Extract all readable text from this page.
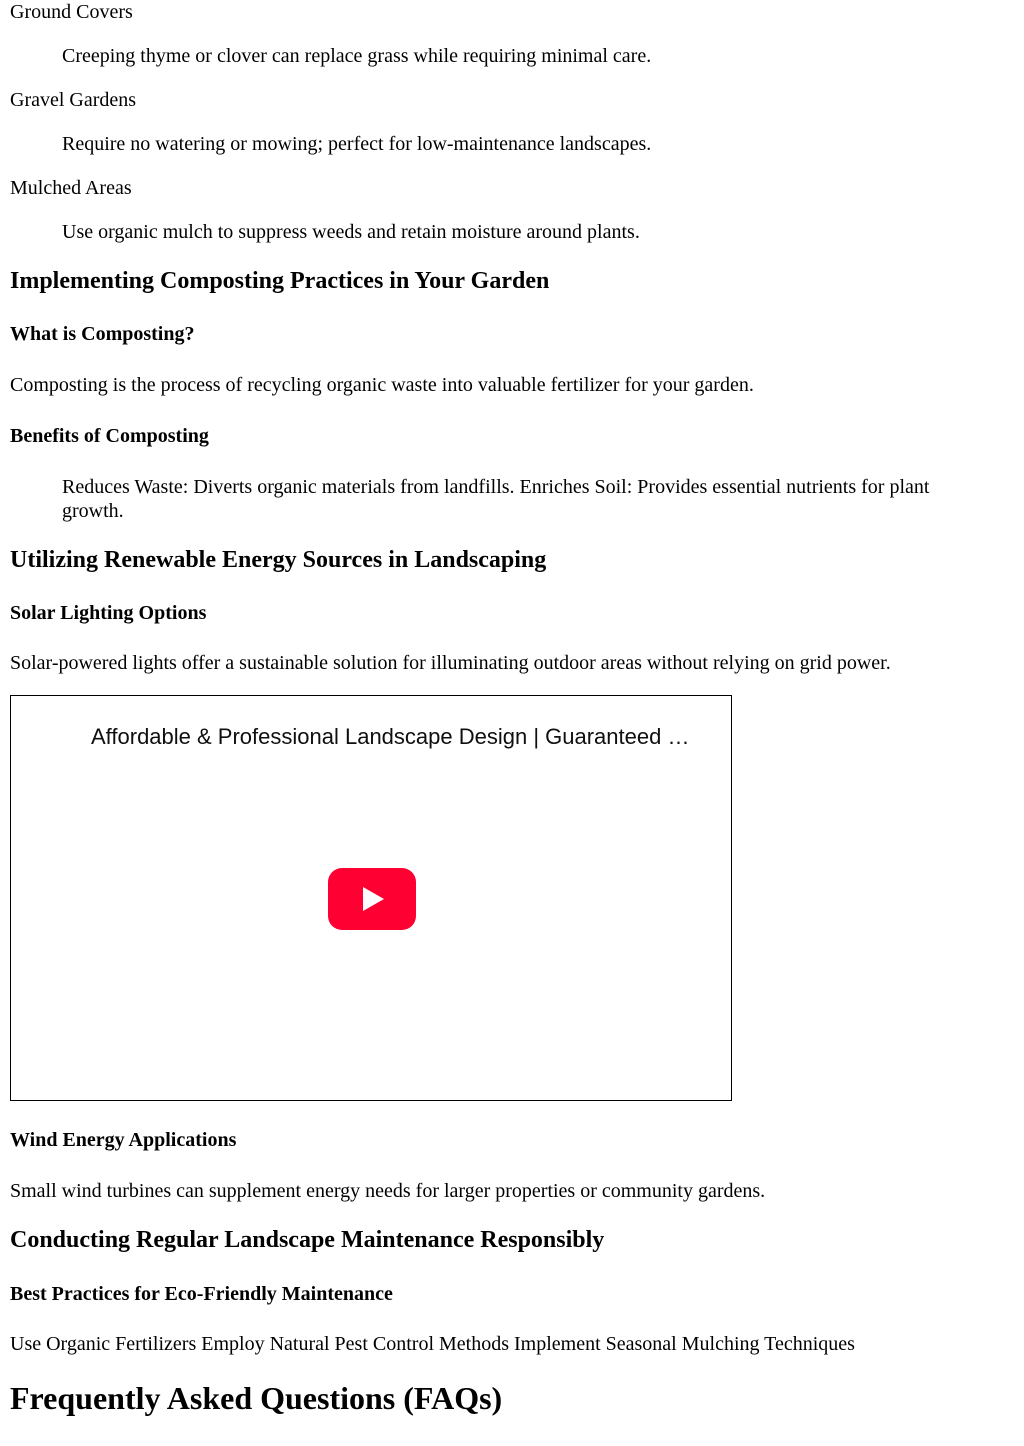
Ground Covers
Creeping thyme or clover can replace grass while requiring minimal care.
Gravel Gardens
Require no watering or mowing; perfect for low-maintenance landscapes.
Mulched Areas
Use organic mulch to suppress weeds and retain moisture around plants.
Implementing Composting Practices in Your Garden
What is Composting?
Composting is the process of recycling organic waste into valuable fertilizer for your garden.
Benefits of Composting
Reduces Waste: Diverts organic materials from landfills. Enriches Soil: Provides essential nutrients for plant growth.
Utilizing Renewable Energy Sources in Landscaping
Solar Lighting Options
Solar-powered lights offer a sustainable solution for illuminating outdoor areas without relying on grid power.
Affordable & Professional Landscape Design | Guaranteed …
Wind Energy Applications
Small wind turbines can supplement energy needs for larger properties or community gardens.
Conducting Regular Landscape Maintenance Responsibly
Best Practices for Eco-Friendly Maintenance
Use Organic Fertilizers Employ Natural Pest Control Methods Implement Seasonal Mulching Techniques
Frequently Asked Questions (FAQs)
